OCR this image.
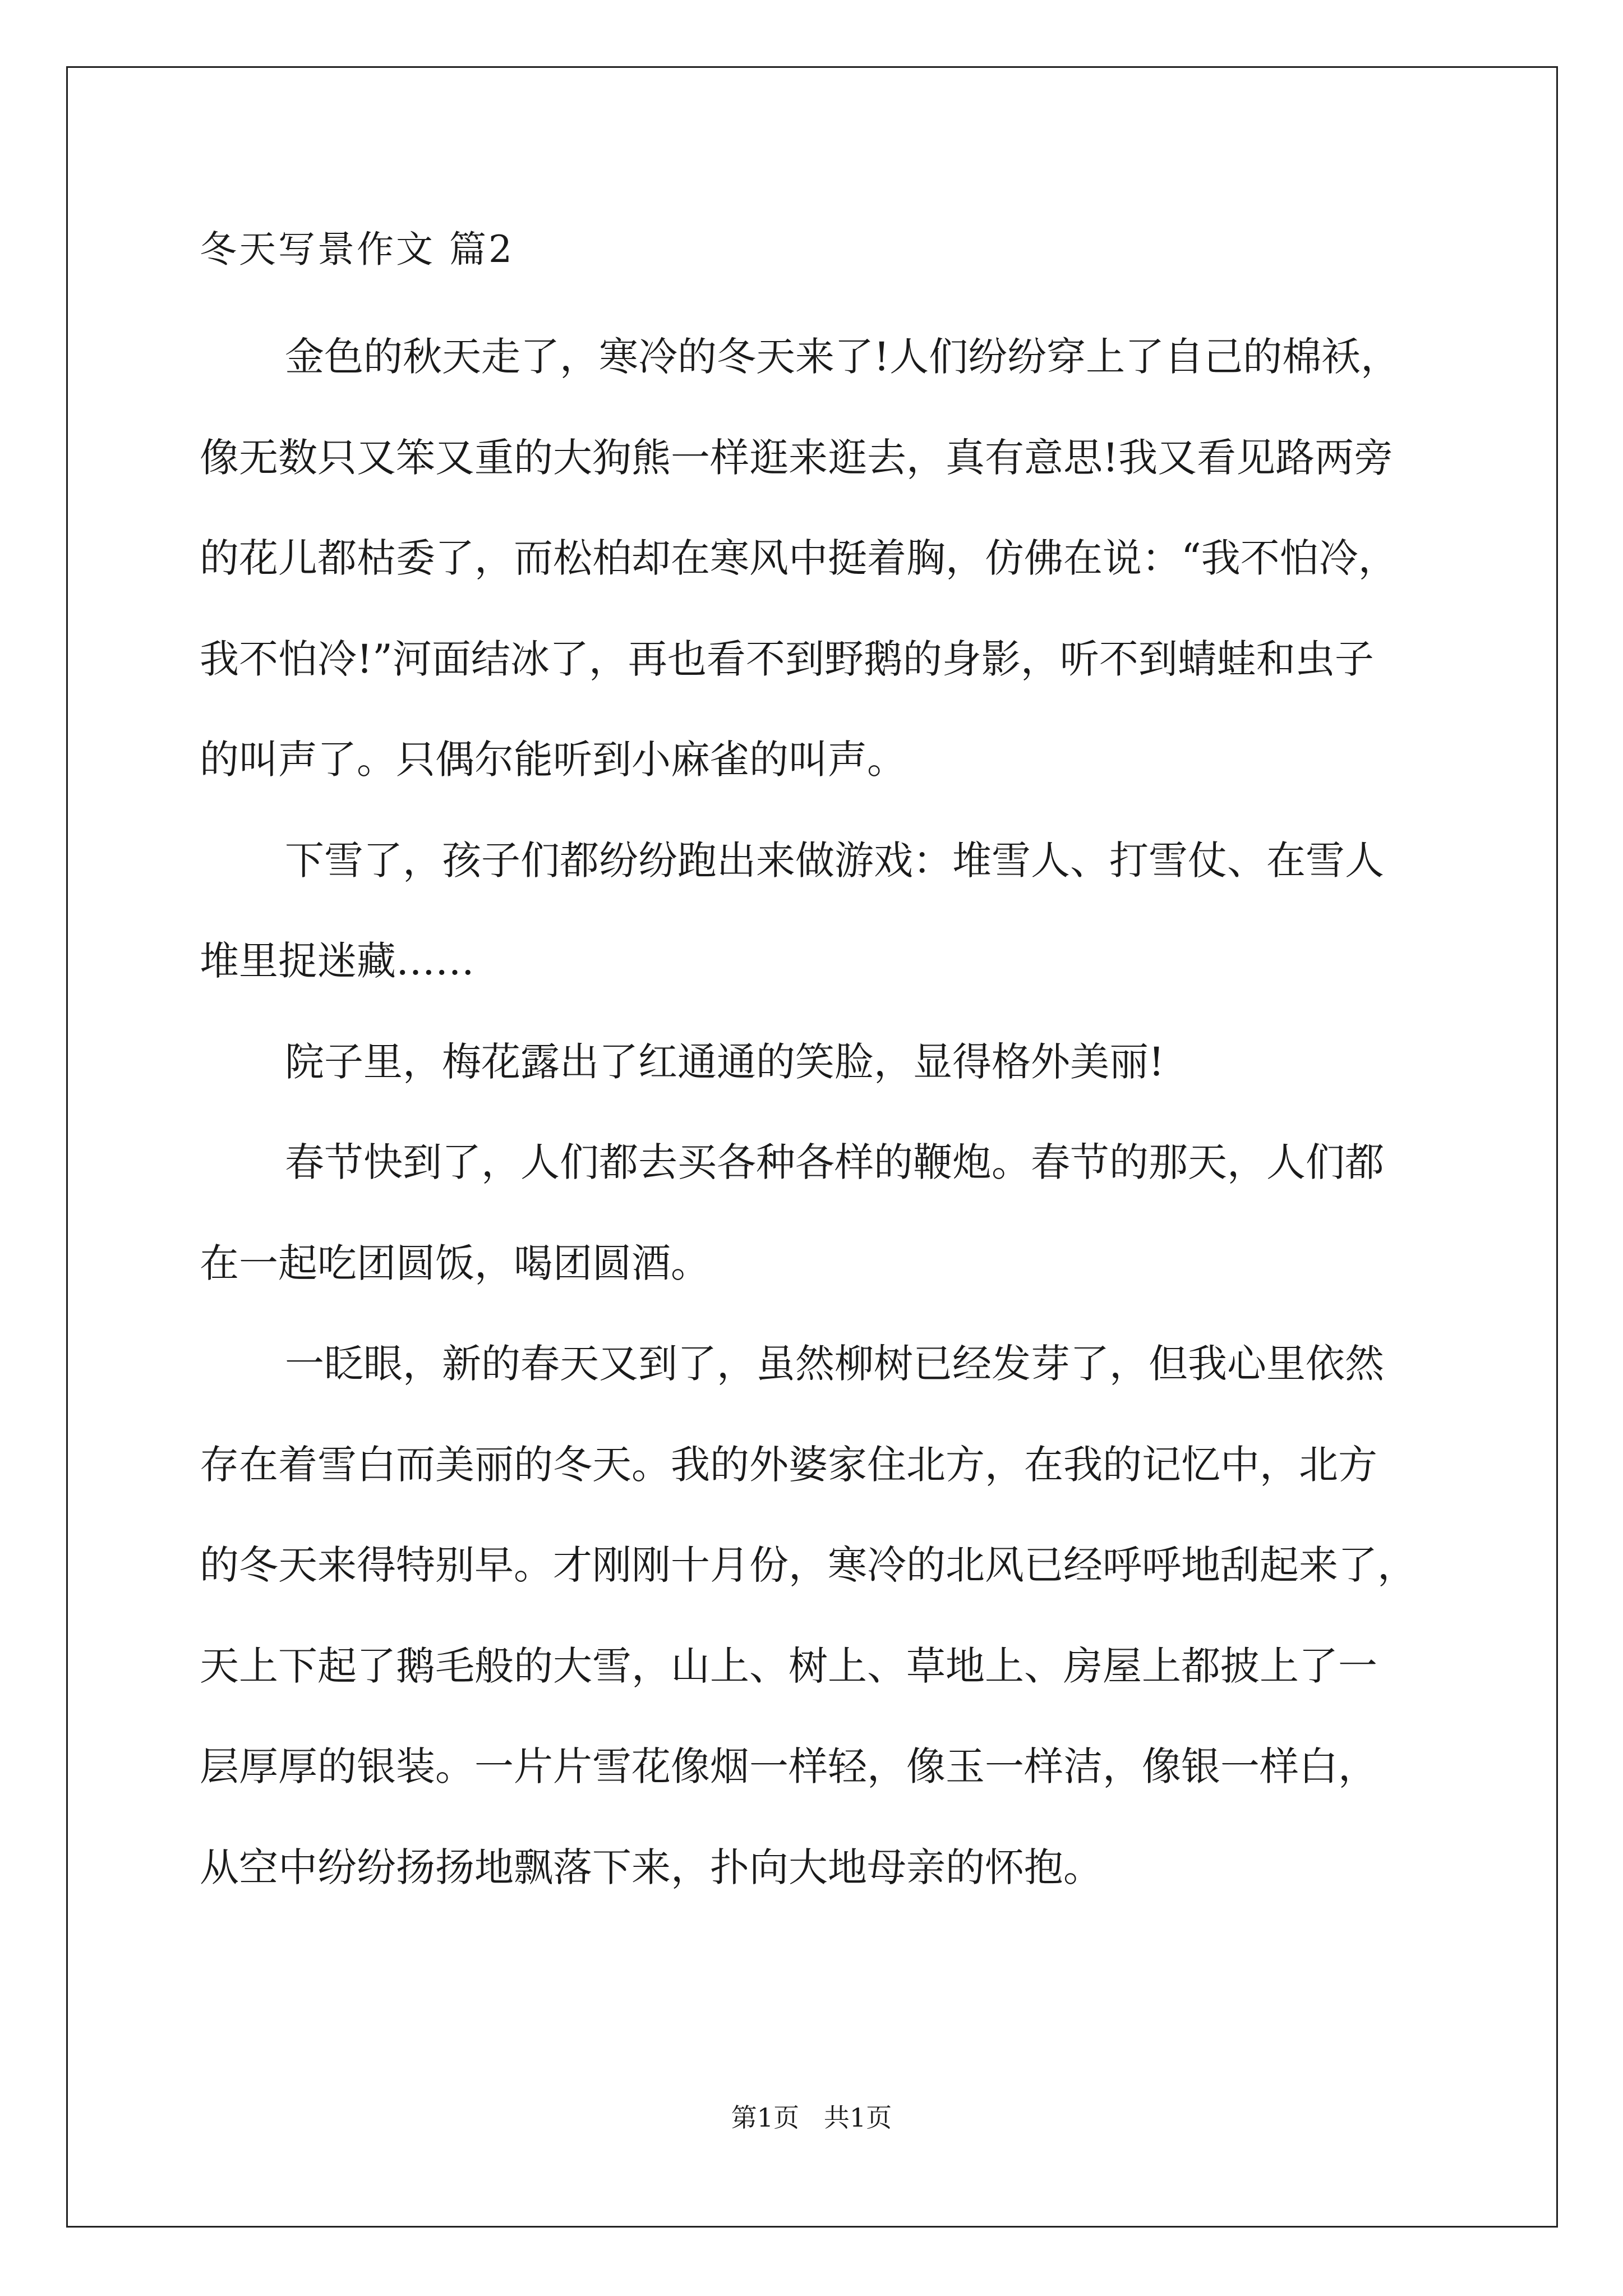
冬天写景作文 篇2

金色的秋天走了，寒冷的冬天来了!人们纷纷穿上了自己的棉袄，

像无数只又笨又重的大狗熊一样逛来逛去，真有意思!我又看见路两旁

的花儿都枯委了，而松柏却在寒风中挺着胸，仿佛在说：“我不怕冷，

我不怕冷!”河面结冰了，再也看不到野鹅的身影，听不到蜻蛙和虫子

的叫声了。只偶尔能听到小麻雀的叫声。

下雪了，孩子们都纷纷跑出来做游戏：堆雪人、打雪仗、在雪人

堆里捉迷藏……

院子里，梅花露出了红通通的笑脸，显得格外美丽!

春节快到了，人们都去买各种各样的鞭炮。春节的那天，人们都

在一起吃团圆饭，喝团圆酒。

一眨眼，新的春天又到了，虽然柳树已经发芽了，但我心里依然

存在着雪白而美丽的冬天。我的外婆家住北方，在我的记忆中，北方

的冬天来得特别早。才刚刚十月份，寒冷的北风已经呼呼地刮起来了，

天上下起了鹅毛般的大雪，山上、树上、草地上、房屋上都披上了一

层厚厚的银装。一片片雪花像烟一样轻，像玉一样洁，像银一样白，

从空中纷纷扬扬地飘落下来，扑向大地母亲的怀抱。

第1页   共1页
